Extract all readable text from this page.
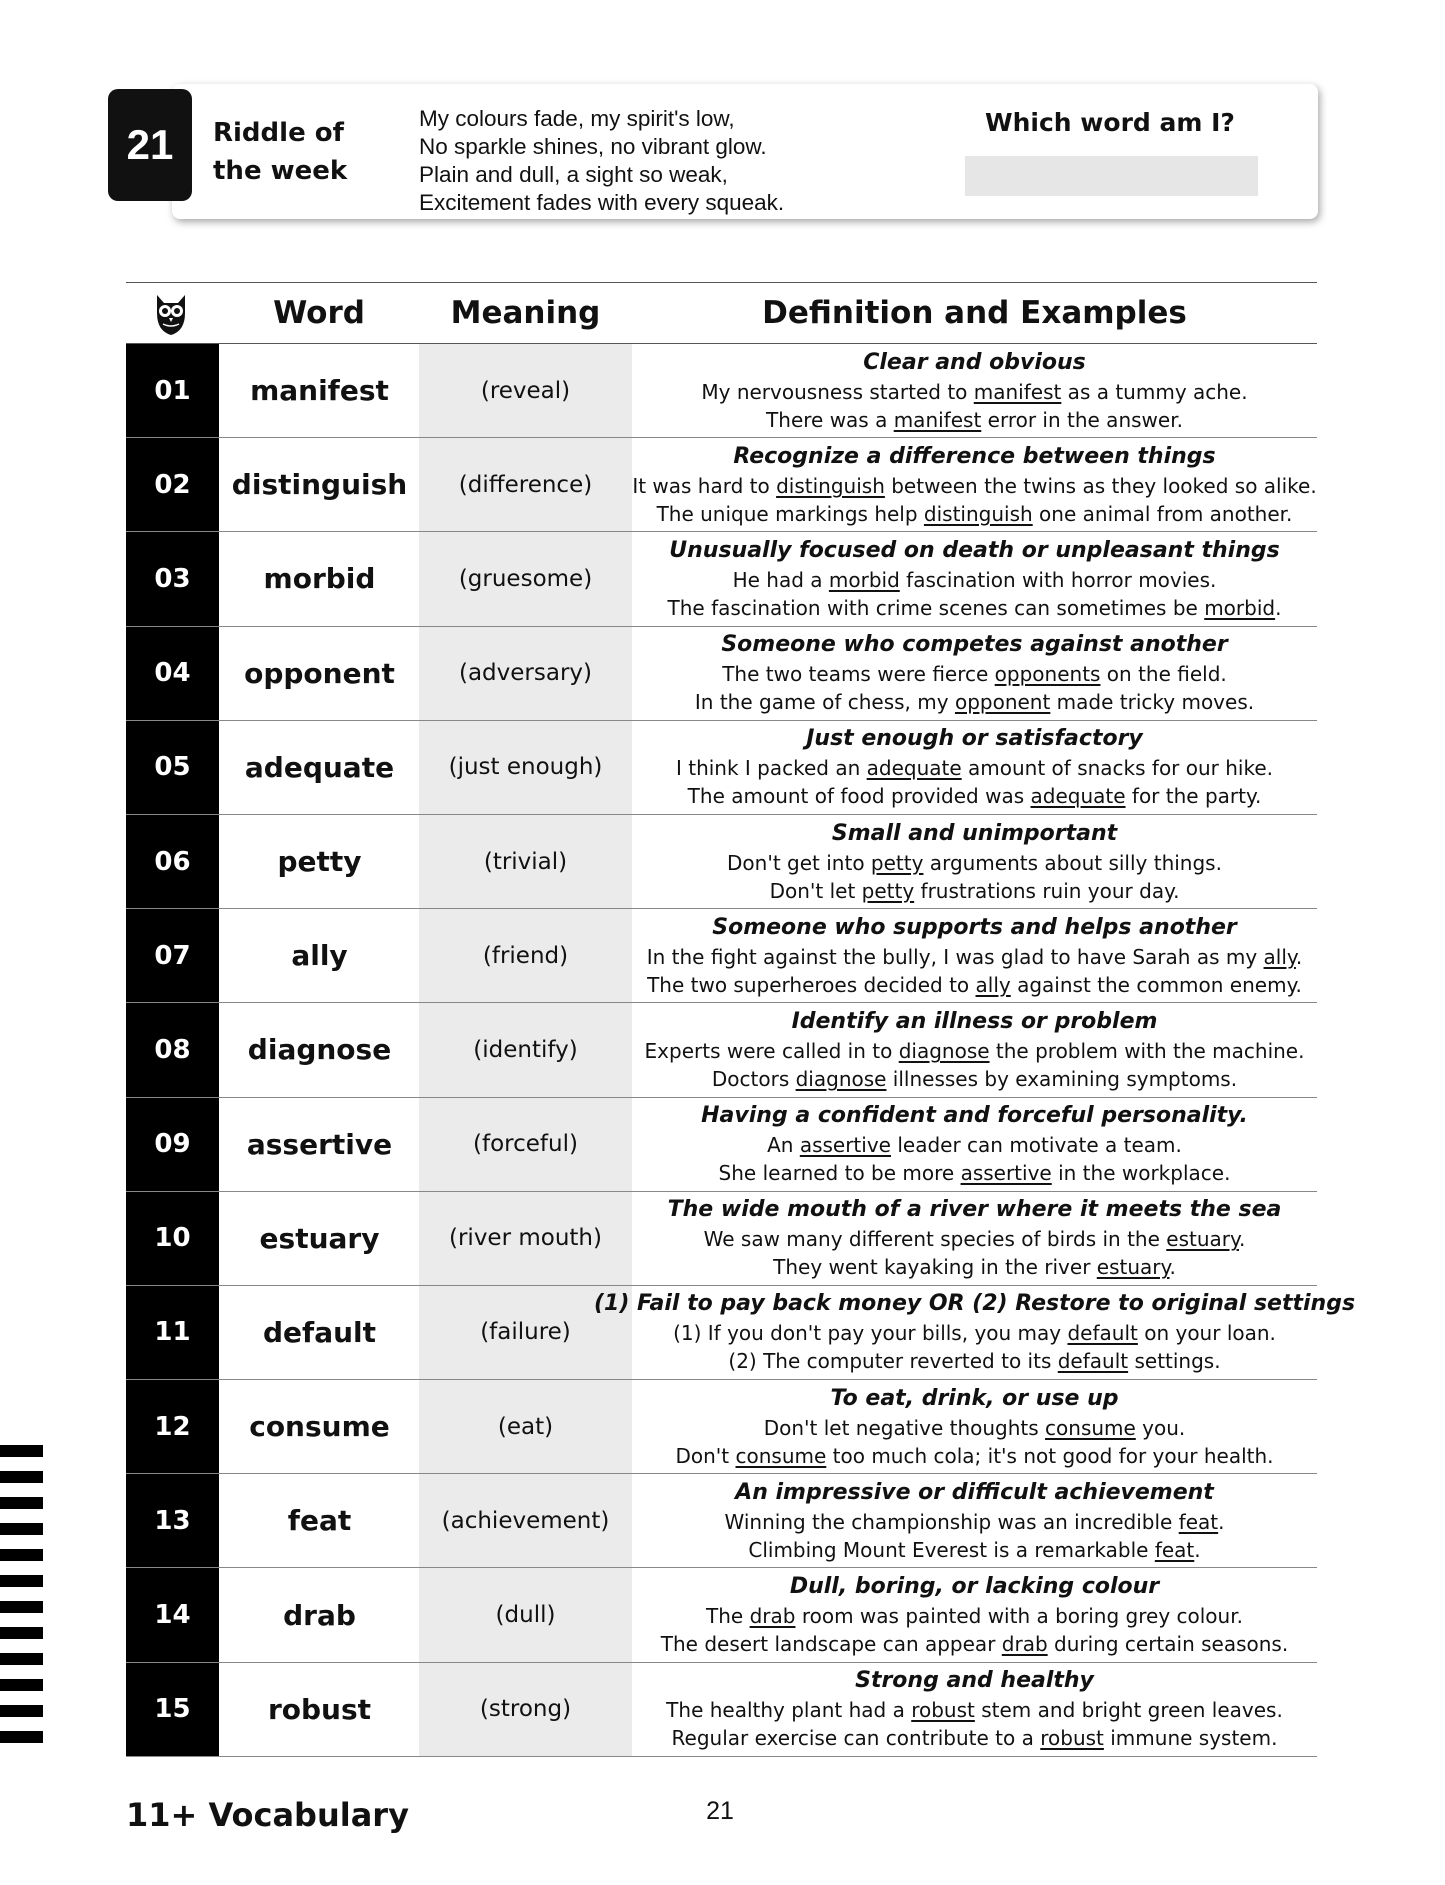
21	Riddle of
the week
My colours fade, my spirit's low,
No sparkle shines, no vibrant glow.
Plain and dull, a sight so weak,
Excitement fades with every squeak.
Which word am I?
Word	Meaning	Definition and Examples
01	manifest	(reveal)
Clear and obvious
My nervousness started to manifest as a tummy ache.
There was a manifest error in the answer.
02	distinguish	(difference)
Recognize a difference between things
It was hard to distinguish between the twins as they looked so alike.
The unique markings help distinguish one animal from another.
03	morbid	(gruesome)
Unusually focused on death or unpleasant things
He had a morbid fascination with horror movies.
The fascination with crime scenes can sometimes be morbid.
04	opponent	(adversary)
Someone who competes against another
The two teams were fierce opponents on the field.
In the game of chess, my opponent made tricky moves.
05	adequate	(just enough)
Just enough or satisfactory
I think I packed an adequate amount of snacks for our hike.
The amount of food provided was adequate for the party.
06	petty	(trivial)
Small and unimportant
Don't get into petty arguments about silly things.
Don't let petty frustrations ruin your day.
07	ally	(friend)
Someone who supports and helps another
In the fight against the bully, I was glad to have Sarah as my ally.
The two superheroes decided to ally against the common enemy.
08	diagnose	(identify)
Identify an illness or problem
Experts were called in to diagnose the problem with the machine.
Doctors diagnose illnesses by examining symptoms.
09	assertive	(forceful)
Having a confident and forceful personality.
An assertive leader can motivate a team.
She learned to be more assertive in the workplace.
10	estuary	(river mouth)
The wide mouth of a river where it meets the sea
We saw many different species of birds in the estuary.
They went kayaking in the river estuary.
11	default	(failure)
(1) Fail to pay back money OR (2) Restore to original settings
(1) If you don't pay your bills, you may default on your loan.
(2) The computer reverted to its default settings.
12	consume	(eat)
To eat, drink, or use up
Don't let negative thoughts consume you.
Don't consume too much cola; it's not good for your health.
13	feat	(achievement)
An impressive or difficult achievement
Winning the championship was an incredible feat.
Climbing Mount Everest is a remarkable feat.
14	drab	(dull)
Dull, boring, or lacking colour
The drab room was painted with a boring grey colour.
The desert landscape can appear drab during certain seasons.
15	robust	(strong)
Strong and healthy
The healthy plant had a robust stem and bright green leaves.
Regular exercise can contribute to a robust immune system.
11+ Vocabulary	21
